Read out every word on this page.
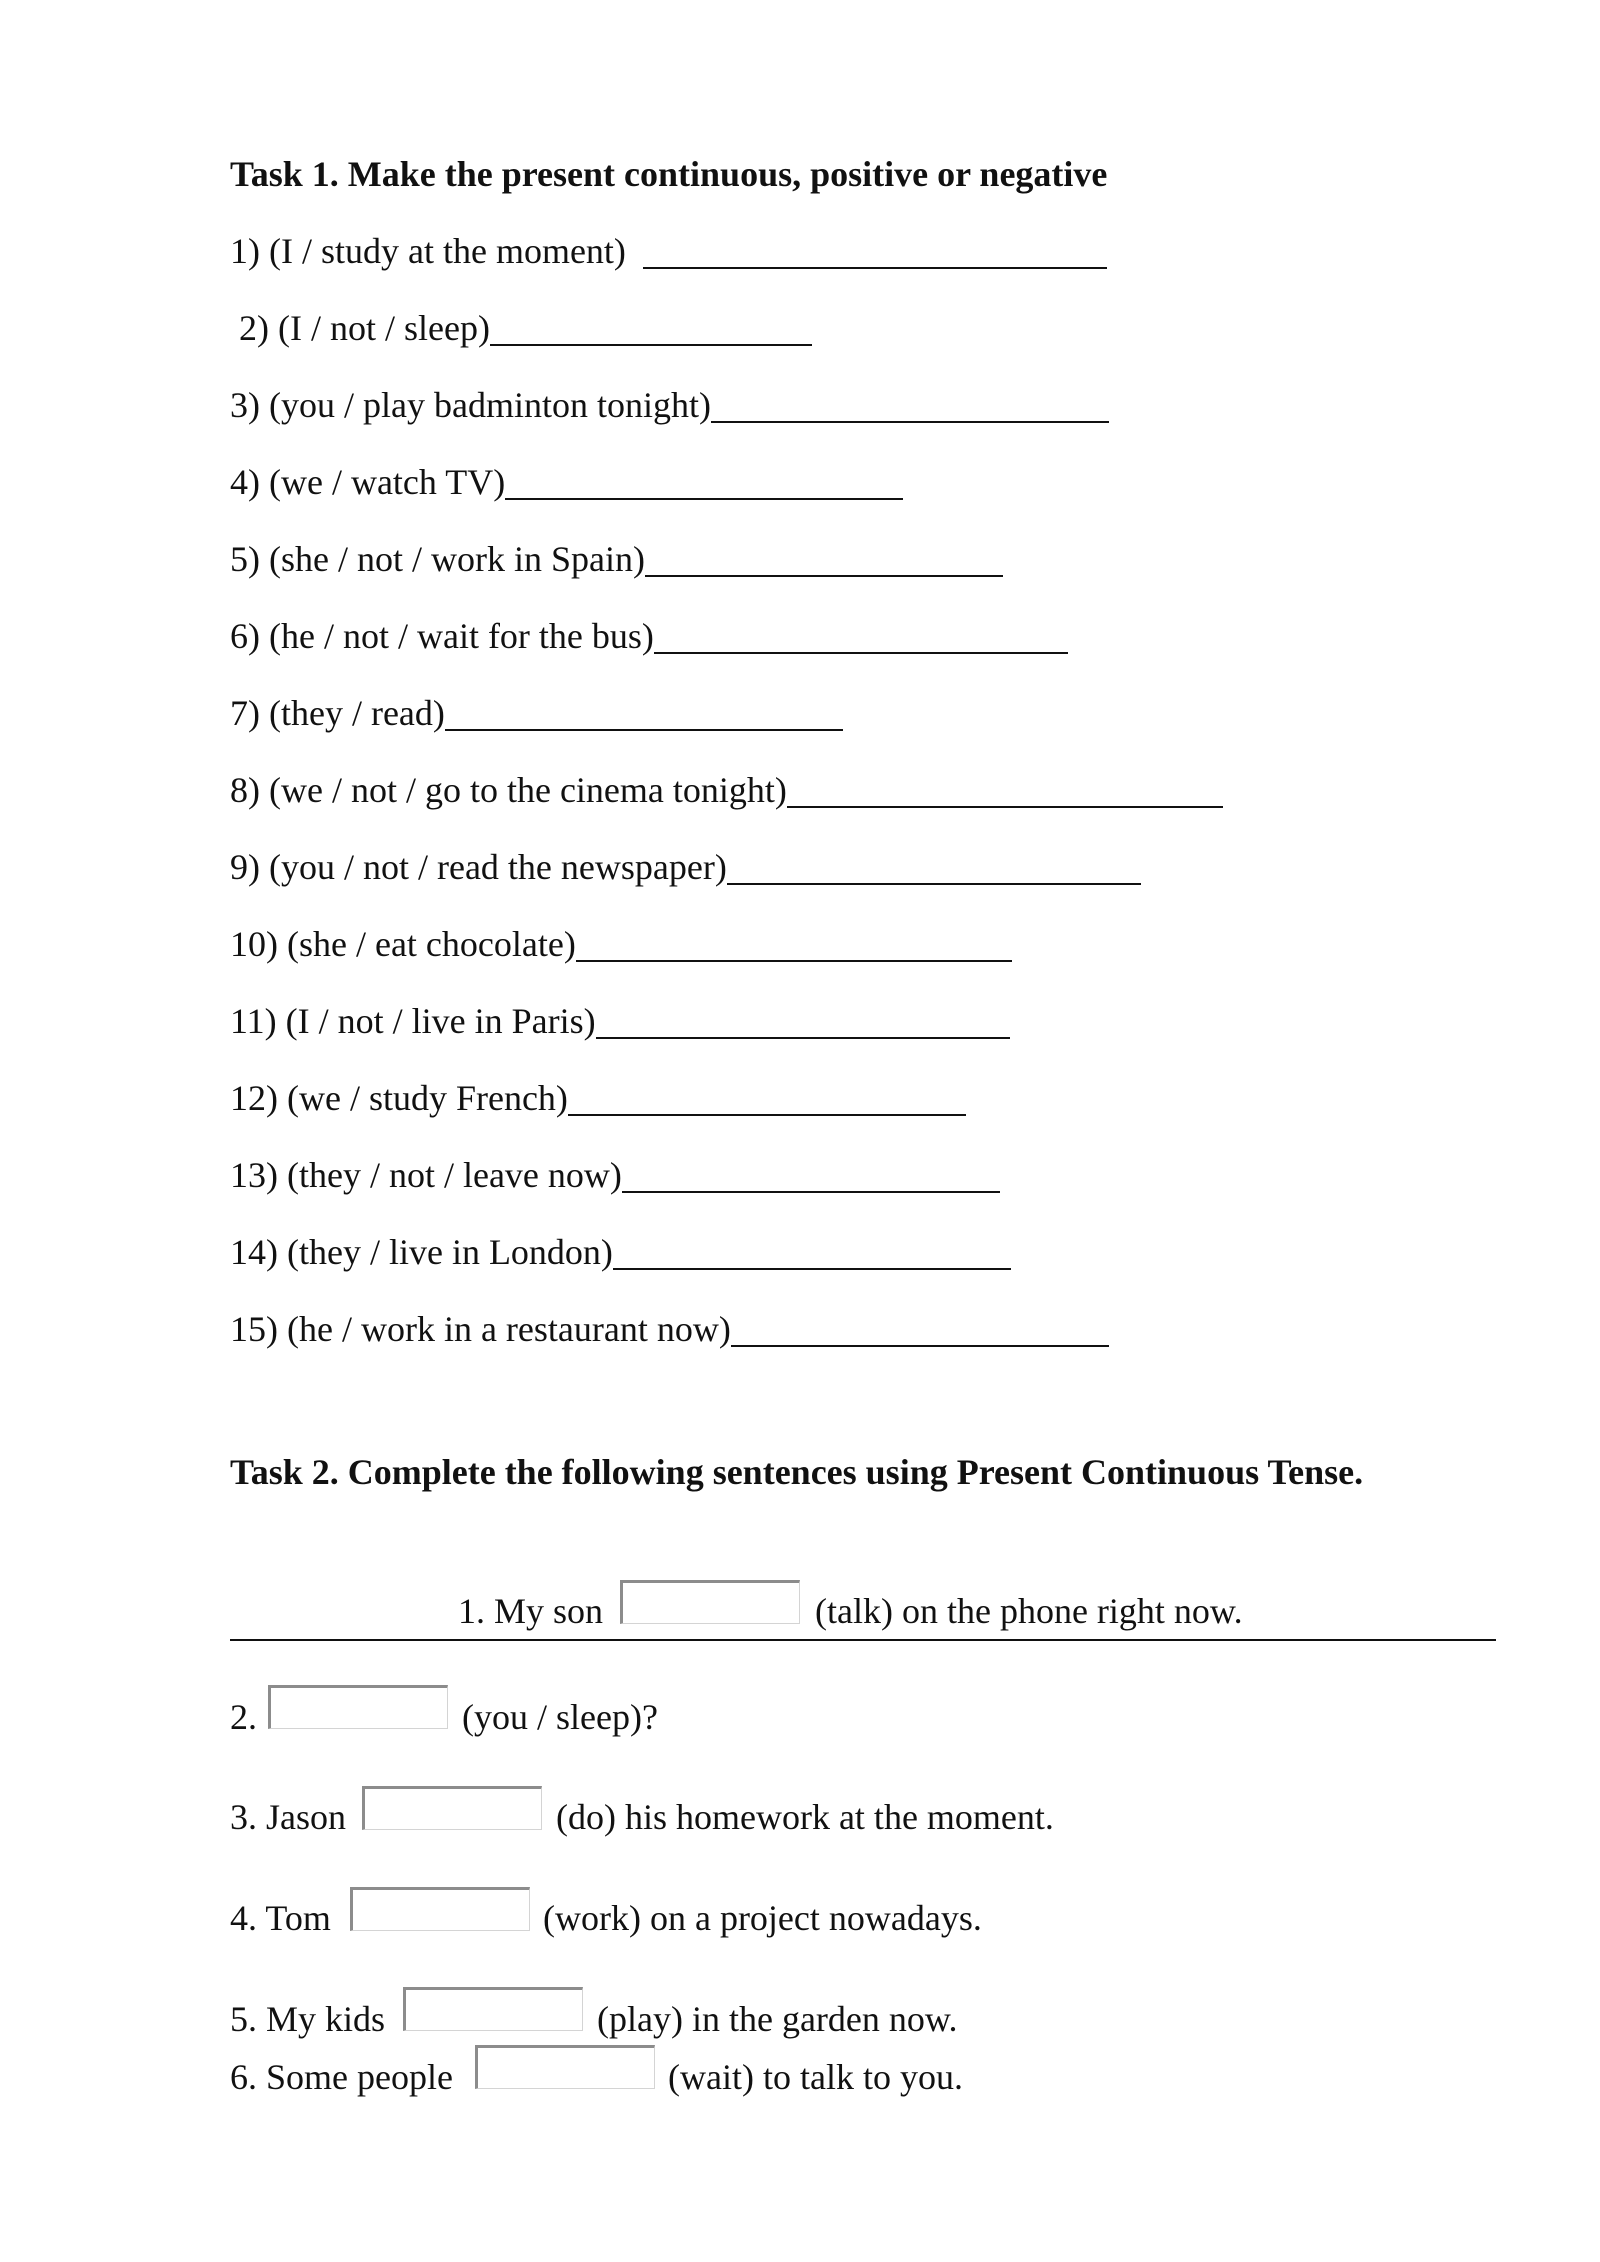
Task 1. Make the present continuous, positive or negative
1) (I / study at the moment)
2) (I / not / sleep)
3) (you / play badminton tonight)
4) (we / watch TV)
5) (she / not / work in Spain)
6) (he / not / wait for the bus)
7) (they / read)
8) (we / not / go to the cinema tonight)
9) (you / not / read the newspaper)
10) (she / eat chocolate)
11) (I / not / live in Paris)
12) (we / study French)
13) (they / not / leave now)
14) (they / live in London)
15) (he / work in a restaurant now)
Task 2. Complete the following sentences using Present Continuous Tense.
1. My son	(talk) on the phone right now.
2.	(you / sleep)?
3. Jason	(do) his homework at the moment.
4. Tom	(work) on a project nowadays.
5. My kids	(play) in the garden now.
6. Some people	(wait) to talk to you.
